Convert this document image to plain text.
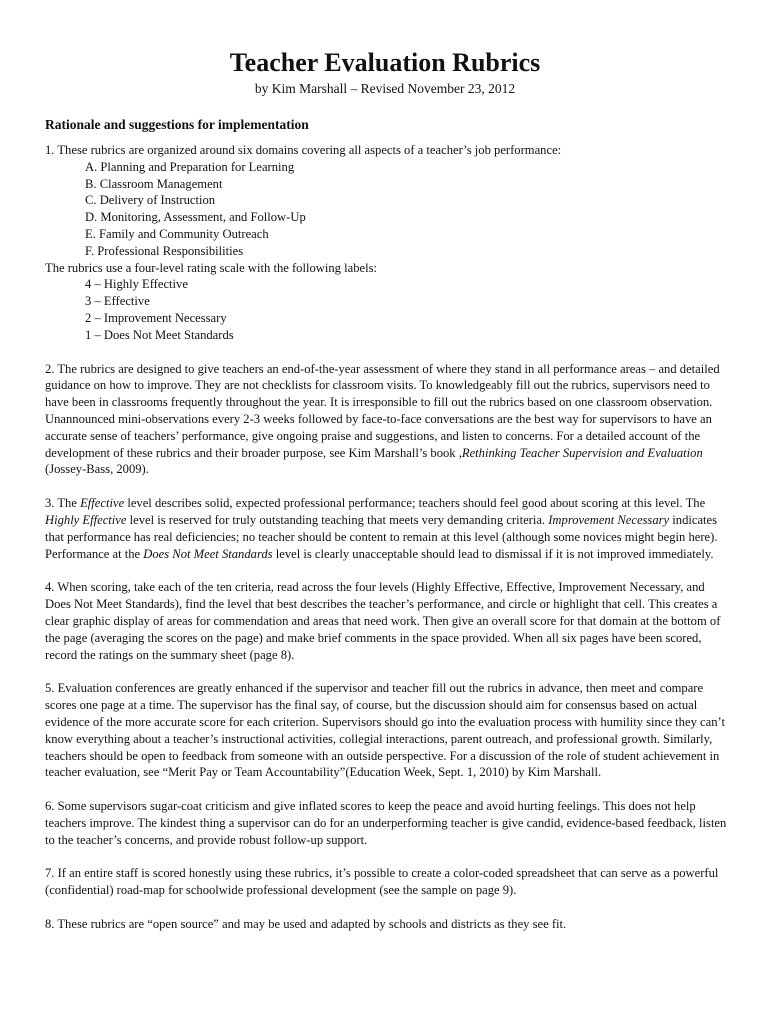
Teacher Evaluation Rubrics
by Kim Marshall – Revised November 23, 2012
Rationale and suggestions for implementation

1. These rubrics are organized around six domains covering all aspects of a teacher’s job performance:

A. Planning and Preparation for Learning

B. Classroom Management

C. Delivery of Instruction

D. Monitoring, Assessment, and Follow-Up

E. Family and Community Outreach

F. Professional Responsibilities

The rubrics use a four-level rating scale with the following labels:

4 – Highly Effective

3 – Effective

2 – Improvement Necessary

1 – Does Not Meet Standards

2. The rubrics are designed to give teachers an end-of-the-year assessment of where they stand in all performance areas – and detailed guidance on how to improve. They are not checklists for classroom visits. To knowledgeably fill out the rubrics, supervisors need to have been in classrooms frequently throughout the year. It is irresponsible to fill out the rubrics based on one classroom observation. Unannounced mini-observations every 2-3 weeks followed by face-to-face conversations are the best way for supervisors to have an accurate sense of teachers’ performance, give ongoing praise and suggestions, and listen to concerns. For a detailed account of the development of these rubrics and their broader purpose, see Kim Marshall’s book ,Rethinking Teacher Supervision and Evaluation (Jossey-Bass, 2009).

3. The Effective level describes solid, expected professional performance; teachers should feel good about scoring at this level. The Highly Effective level is reserved for truly outstanding teaching that meets very demanding criteria. Improvement Necessary indicates that performance has real deficiencies; no teacher should be content to remain at this level (although some novices might begin here). Performance at the Does Not Meet Standards level is clearly unacceptable should lead to dismissal if it is not improved immediately.

4. When scoring, take each of the ten criteria, read across the four levels (Highly Effective, Effective, Improvement Necessary, and Does Not Meet Standards), find the level that best describes the teacher’s performance, and circle or highlight that cell. This creates a clear graphic display of areas for commendation and areas that need work. Then give an overall score for that domain at the bottom of the page (averaging the scores on the page) and make brief comments in the space provided. When all six pages have been scored, record the ratings on the summary sheet (page 8).

5. Evaluation conferences are greatly enhanced if the supervisor and teacher fill out the rubrics in advance, then meet and compare scores one page at a time. The supervisor has the final say, of course, but the discussion should aim for consensus based on actual evidence of the more accurate score for each criterion. Supervisors should go into the evaluation process with humility since they can’t know everything about a teacher’s instructional activities, collegial interactions, parent outreach, and professional growth. Similarly, teachers should be open to feedback from someone with an outside perspective. For a discussion of the role of student achievement in teacher evaluation, see “Merit Pay or Team Accountability”(Education Week, Sept. 1, 2010) by Kim Marshall.

6. Some supervisors sugar-coat criticism and give inflated scores to keep the peace and avoid hurting feelings. This does not help teachers improve. The kindest thing a supervisor can do for an underperforming teacher is give candid, evidence-based feedback, listen to the teacher’s concerns, and provide robust follow-up support.

7. If an entire staff is scored honestly using these rubrics, it’s possible to create a color-coded spreadsheet that can serve as a powerful (confidential) road-map for schoolwide professional development (see the sample on page 9).

8. These rubrics are “open source” and may be used and adapted by schools and districts as they see fit.
